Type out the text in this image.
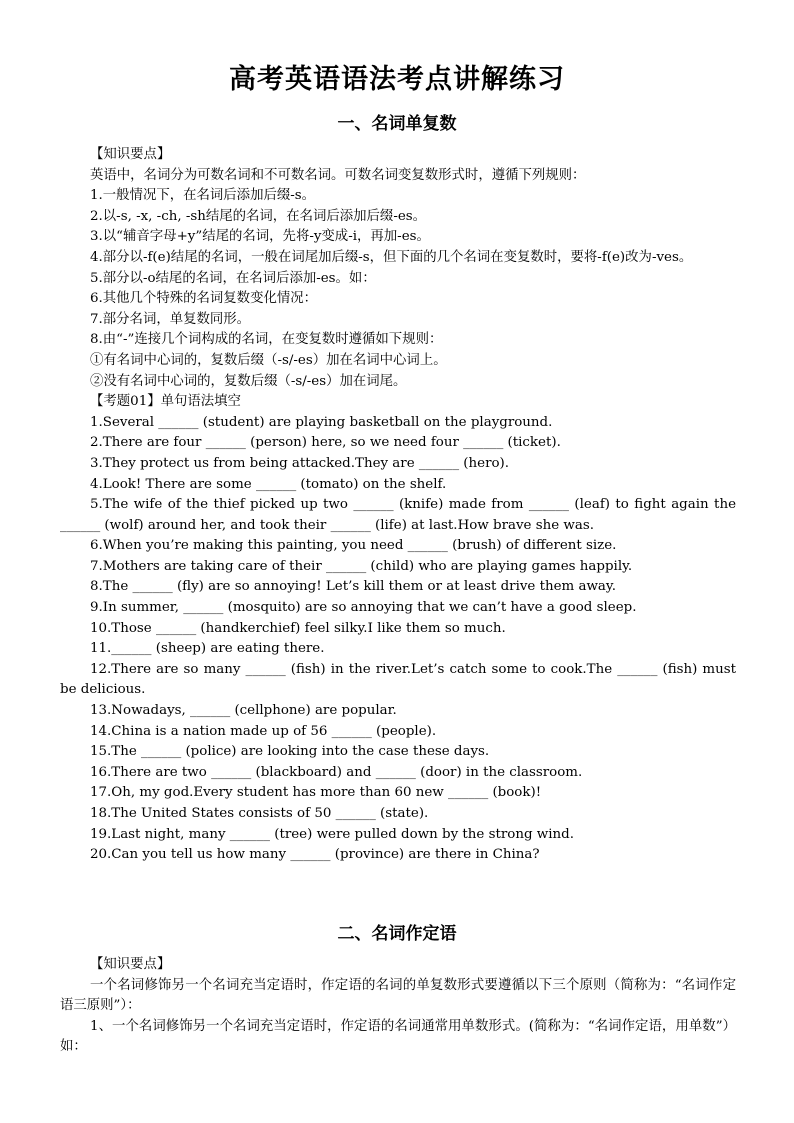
高考英语语法考点讲解练习
一、名词单复数
【知识要点】
英语中，名词分为可数名词和不可数名词。可数名词变复数形式时，遵循下列规则：
1.一般情况下，在名词后添加后缀-s。
2.以-s, -x, -ch, -sh结尾的名词，在名词后添加后缀-es。
3.以“辅音字母+y”结尾的名词，先将-y变成-i，再加-es。
4.部分以-f(e)结尾的名词，一般在词尾加后缀-s，但下面的几个名词在变复数时，要将-f(e)改为-ves。
5.部分以-o结尾的名词，在名词后添加-es。如：
6.其他几个特殊的名词复数变化情况：
7.部分名词，单复数同形。
8.由“-”连接几个词构成的名词，在变复数时遵循如下规则：
①有名词中心词的，复数后缀（-s/-es）加在名词中心词上。
②没有名词中心词的，复数后缀（-s/-es）加在词尾。
【考题01】单句语法填空
1.Several ______ (student) are playing basketball on the playground.
2.There are four ______ (person) here, so we need four ______ (ticket).
3.They protect us from being attacked.They are ______ (hero).
4.Look! There are some ______ (tomato) on the shelf.
5.The wife of the thief picked up two ______ (knife) made from ______ (leaf) to fight again the ______ (wolf) around her, and took their ______ (life) at last.How brave she was.
6.When you’re making this painting, you need ______ (brush) of different size.
7.Mothers are taking care of their ______ (child) who are playing games happily.
8.The ______ (fly) are so annoying! Let’s kill them or at least drive them away.
9.In summer, ______ (mosquito) are so annoying that we can’t have a good sleep.
10.Those ______ (handkerchief) feel silky.I like them so much.
11.______ (sheep) are eating there.
12.There are so many ______ (fish) in the river.Let’s catch some to cook.The ______ (fish) must be delicious.
13.Nowadays, ______ (cellphone) are popular.
14.China is a nation made up of 56 ______ (people).
15.The ______ (police) are looking into the case these days.
16.There are two ______ (blackboard) and ______ (door) in the classroom.
17.Oh, my god.Every student has more than 60 new ______ (book)!
18.The United States consists of 50 ______ (state).
19.Last night, many ______ (tree) were pulled down by the strong wind.
20.Can you tell us how many ______ (province) are there in China?
二、名词作定语
【知识要点】
一个名词修饰另一个名词充当定语时，作定语的名词的单复数形式要遵循以下三个原则（简称为：“名词作定语三原则”）：
1、一个名词修饰另一个名词充当定语时，作定语的名词通常用单数形式。(简称为：“名词作定语，用单数”）如：
